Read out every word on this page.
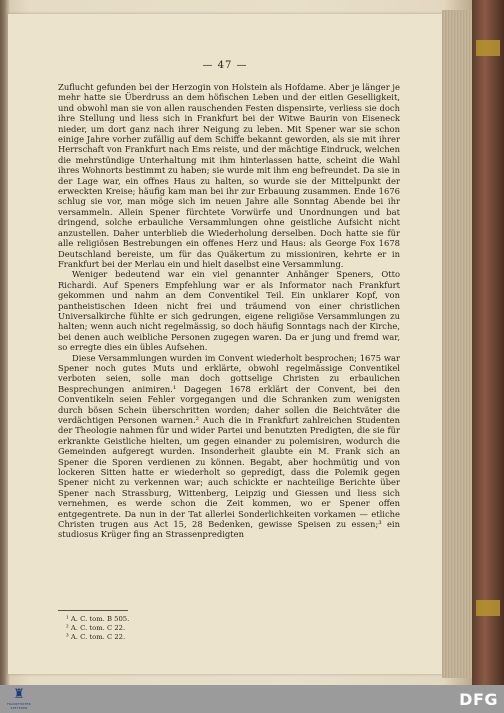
— 47 —

Zuflucht gefunden bei der Herzogin von Holstein als Hofdame. Aber je länger je mehr hatte sie Überdruss an dem höfischen Leben und der eitlen Geselligkeit, und obwohl man sie von allen rauschenden Festen dispensirte, verliess sie doch ihre Stellung und liess sich in Frankfurt bei der Witwe Baurin von Eiseneck nieder, um dort ganz nach ihrer Neigung zu leben. Mit Spener war sie schon einige Jahre vorher zufällig auf dem Schiffe bekannt geworden, als sie mit ihrer Herrschaft von Frankfurt nach Ems reiste, und der mächtige Eindruck, welchen die mehrstündige Unterhaltung mit ihm hinterlassen hatte, scheint die Wahl ihres Wohnorts bestimmt zu haben; sie wurde mit ihm eng befreundet. Da sie in der Lage war, ein offnes Haus zu halten, so wurde sie der Mittelpunkt der erweckten Kreise; häufig kam man bei ihr zur Erbauung zusammen. Ende 1676 schlug sie vor, man möge sich im neuen Jahre alle Sonntag Abende bei ihr versammeln. Allein Spener fürchtete Vorwürfe und Unordnungen und bat dringend, solche erbauliche Versammlungen ohne geistliche Aufsicht nicht anzustellen. Daher unterblieb die Wiederholung derselben. Doch hatte sie für alle religiösen Bestrebungen ein offenes Herz und Haus: als George Fox 1678 Deutschland bereiste, um für das Quäkertum zu missioniren, kehrte er in Frankfurt bei der Merlau ein und hielt daselbst eine Versammlung.

Weniger bedeutend war ein viel genannter Anhänger Speners, Otto Richardi. Auf Speners Empfehlung war er als Informator nach Frankfurt gekommen und nahm an dem Conventikel Teil. Ein unklarer Kopf, von pantheistischen Ideen nicht frei und träumend von einer christlichen Universalkirche fühlte er sich gedrungen, eigene religiöse Versammlungen zu halten; wenn auch nicht regelmässig, so doch häufig Sonntags nach der Kirche, bei denen auch weibliche Personen zugegen waren. Da er jung und fremd war, so erregte dies ein übles Aufsehen.

Diese Versammlungen wurden im Convent wiederholt besprochen; 1675 war Spener noch gutes Muts und erklärte, obwohl regelmässige Conventikel verboten seien, solle man doch gottselige Christen zu erbaulichen Besprechungen animiren.¹ Dagegen 1678 erklärt der Convent, bei den Conventikeln seien Fehler vorgegangen und die Schranken zum wenigsten durch bösen Schein überschritten worden; daher sollen die Beichtväter die verdächtigen Personen warnen.² Auch die in Frankfurt zahlreichen Studenten der Theologie nahmen für und wider Partei und benutzten Predigten, die sie für erkrankte Geistliche hielten, um gegen einander zu polemisiren, wodurch die Gemeinden aufgeregt wurden. Insonderheit glaubte ein M. Frank sich an Spener die Sporen verdienen zu können. Begabt, aber hochmütig und von lockeren Sitten hatte er wiederholt so gepredigt, dass die Polemik gegen Spener nicht zu verkennen war; auch schickte er nachteilige Berichte über Spener nach Strassburg, Wittenberg, Leipzig und Giessen und liess sich vernehmen, es werde schon die Zeit kommen, wo er Spener offen entgegentrete. Da nun in der Tat allerlei Sonderlichkeiten vorkamen — etliche Christen trugen aus Act 15, 28 Bedenken, gewisse Speisen zu essen;³ ein studiosus Krüger fing an Strassenpredigten

¹ A. C. tom. B 505.
² A. C. tom. C 22.
³ A. C. tom. C 22.
♜
FRANKFURTER SPEYERER	DFG
